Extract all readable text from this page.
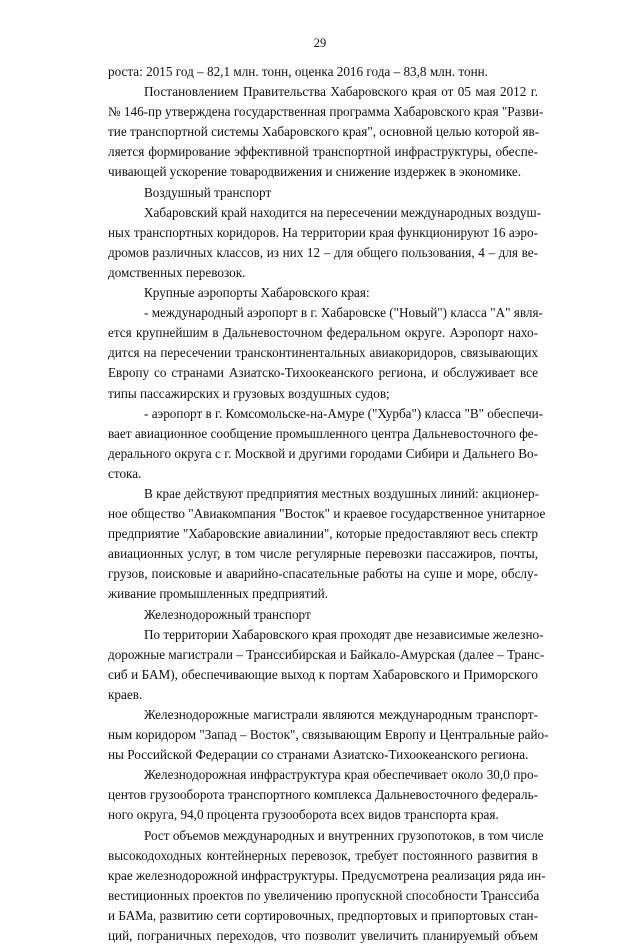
29
роста: 2015 год – 82,1 млн. тонн, оценка 2016 года – 83,8 млн. тонн.
Постановлением Правительства Хабаровского края от 05 мая 2012 г.
№ 146-пр утверждена государственная программа Хабаровского края "Разви-
тие транспортной системы Хабаровского края", основной целью которой яв-
ляется формирование эффективной транспортной инфраструктуры, обеспе-
чивающей ускорение товародвижения и снижение издержек в экономике.
Воздушный транспорт
Хабаровский край находится на пересечении международных воздуш-
ных транспортных коридоров. На территории края функционируют 16 аэро-
дромов различных классов, из них 12 – для общего пользования, 4 – для ве-
домственных перевозок.
Крупные аэропорты Хабаровского края:
- международный аэропорт в г. Хабаровске ("Новый") класса "А" явля-
ется крупнейшим в Дальневосточном федеральном округе. Аэропорт нахо-
дится на пересечении трансконтинентальных авиакоридоров, связывающих
Европу со странами Азиатско-Тихоокеанского региона, и обслуживает все
типы пассажирских и грузовых воздушных судов;
- аэропорт в г. Комсомольске-на-Амуре ("Хурба") класса "В" обеспечи-
вает авиационное сообщение промышленного центра Дальневосточного фе-
дерального округа с г. Москвой и другими городами Сибири и Дальнего Во-
стока.
В крае действуют предприятия местных воздушных линий: акционер-
ное общество "Авиакомпания "Восток" и краевое государственное унитарное
предприятие "Хабаровские авиалинии", которые предоставляют весь спектр
авиационных услуг, в том числе регулярные перевозки пассажиров, почты,
грузов, поисковые и аварийно-спасательные работы на суше и море, обслу-
живание промышленных предприятий.
Железнодорожный транспорт
По территории Хабаровского края проходят две независимые железно-
дорожные магистрали – Транссибирская и Байкало-Амурская (далее – Транс-
сиб и БАМ), обеспечивающие выход к портам Хабаровского и Приморского
краев.
Железнодорожные магистрали являются международным транспорт-
ным коридором "Запад – Восток", связывающим Европу и Центральные райо-
ны Российской Федерации со странами Азиатско-Тихоокеанского региона.
Железнодорожная инфраструктура края обеспечивает около 30,0 про-
центов грузооборота транспортного комплекса Дальневосточного федераль-
ного округа, 94,0 процента грузооборота всех видов транспорта края.
Рост объемов международных и внутренних грузопотоков, в том числе
высокодоходных контейнерных перевозок, требует постоянного развития в
крае железнодорожной инфраструктуры. Предусмотрена реализация ряда ин-
вестиционных проектов по увеличению пропускной способности Транссиба
и БАМа, развитию сети сортировочных, предпортовых и припортовых стан-
ций, пограничных переходов, что позволит увеличить планируемый объем
